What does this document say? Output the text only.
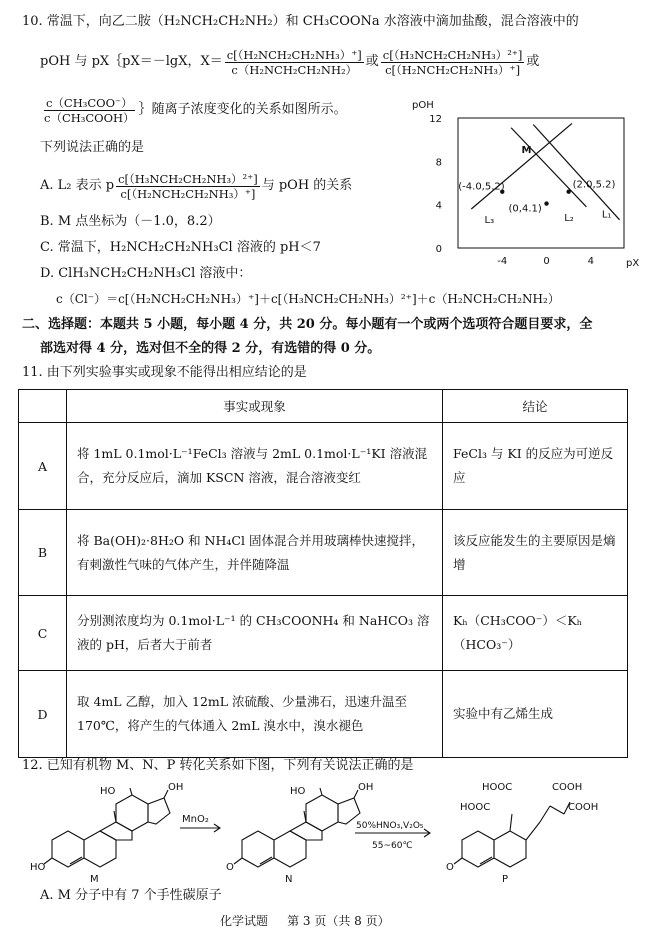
10. 常温下，向乙二胺（H₂NCH₂CH₂NH₂）和 CH₃COONa 水溶液中滴加盐酸，混合溶液中的
pOH 与 pX｛pX＝－lgX，$X= \frac{\text{c[（H₂NCH₂CH₂NH₃）⁺]}}{\text{c（H₂NCH₂CH₂NH₂）}}$ 或 $\frac{\text{c[（H₃NCH₂CH₂NH₃）²⁺]}}{\text{c[（H₂NCH₂CH₂NH₃）⁺]}}$ 或
$\frac{\text{c（CH₃COO⁻）}}{\text{c（CH₃COOH）}}$ ｝随离子浓度变化的关系如图所示。
下列说法正确的是
A. L₂ 表示 p $\frac{\text{c[（H₃NCH₂CH₂NH₃）²⁺]}}{\text{c[（H₂NCH₂CH₂NH₃）⁺]}}$ 与 pOH 的关系
B. M 点坐标为（－1.0，8.2）
C. 常温下，H₂NCH₂CH₂NH₃Cl 溶液的 pH＜7
D. ClH₃NCH₂CH₂NH₃Cl 溶液中：
c（Cl⁻）＝c[（H₂NCH₂CH₂NH₃）⁺]＋c[（H₃NCH₂CH₂NH₃）²⁺]＋c（H₂NCH₂CH₂NH₂）
pOH
pX
0
4
8
12
-4	0	4
L₃	L₂	L₁
(-4.0,5.2)
(0,4.1)
(2.0,5.2)
M
二、选择题：本题共 5 小题，每小题 4 分，共 20 分。每小题有一个或两个选项符合题目要求，全
部选对得 4 分，选对但不全的得 2 分，有选错的得 0 分。
11. 由下列实验事实或现象不能得出相应结论的是
	事实或现象	结论
A	将 1mL 0.1mol·L⁻¹FeCl₃ 溶液与 2mL 0.1mol·L⁻¹KI 溶液混合，充分反应后，滴加 KSCN 溶液，混合溶液变红	FeCl₃ 与 KI 的反应为可逆反应
B	将 Ba(OH)₂·8H₂O 和 NH₄Cl 固体混合并用玻璃棒快速搅拌，有刺激性气味的气体产生，并伴随降温	该反应能发生的主要原因是熵增
C	分别测浓度均为 0.1mol·L⁻¹ 的 CH₃COONH₄ 和 NaHCO₃ 溶液的 pH，后者大于前者	Kₕ（CH₃COO⁻）＜Kₕ（HCO₃⁻）
D	取 4mL 乙醇，加入 12mL 浓硫酸、少量沸石，迅速升温至 170℃，将产生的气体通入 2mL 溴水中，溴水褪色	实验中有乙烯生成
12. 已知有机物 M、N、P 转化关系如下图，下列有关说法正确的是
HO	OH
HO
M
MnO₂
HO	OH
O
N
50%HNO₃,V₂O₅
55~60℃
HOOC	COOH
HOOC	COOH
O
P
A. M 分子中有 7 个手性碳原子
化学试题 第 3 页（共 8 页）
